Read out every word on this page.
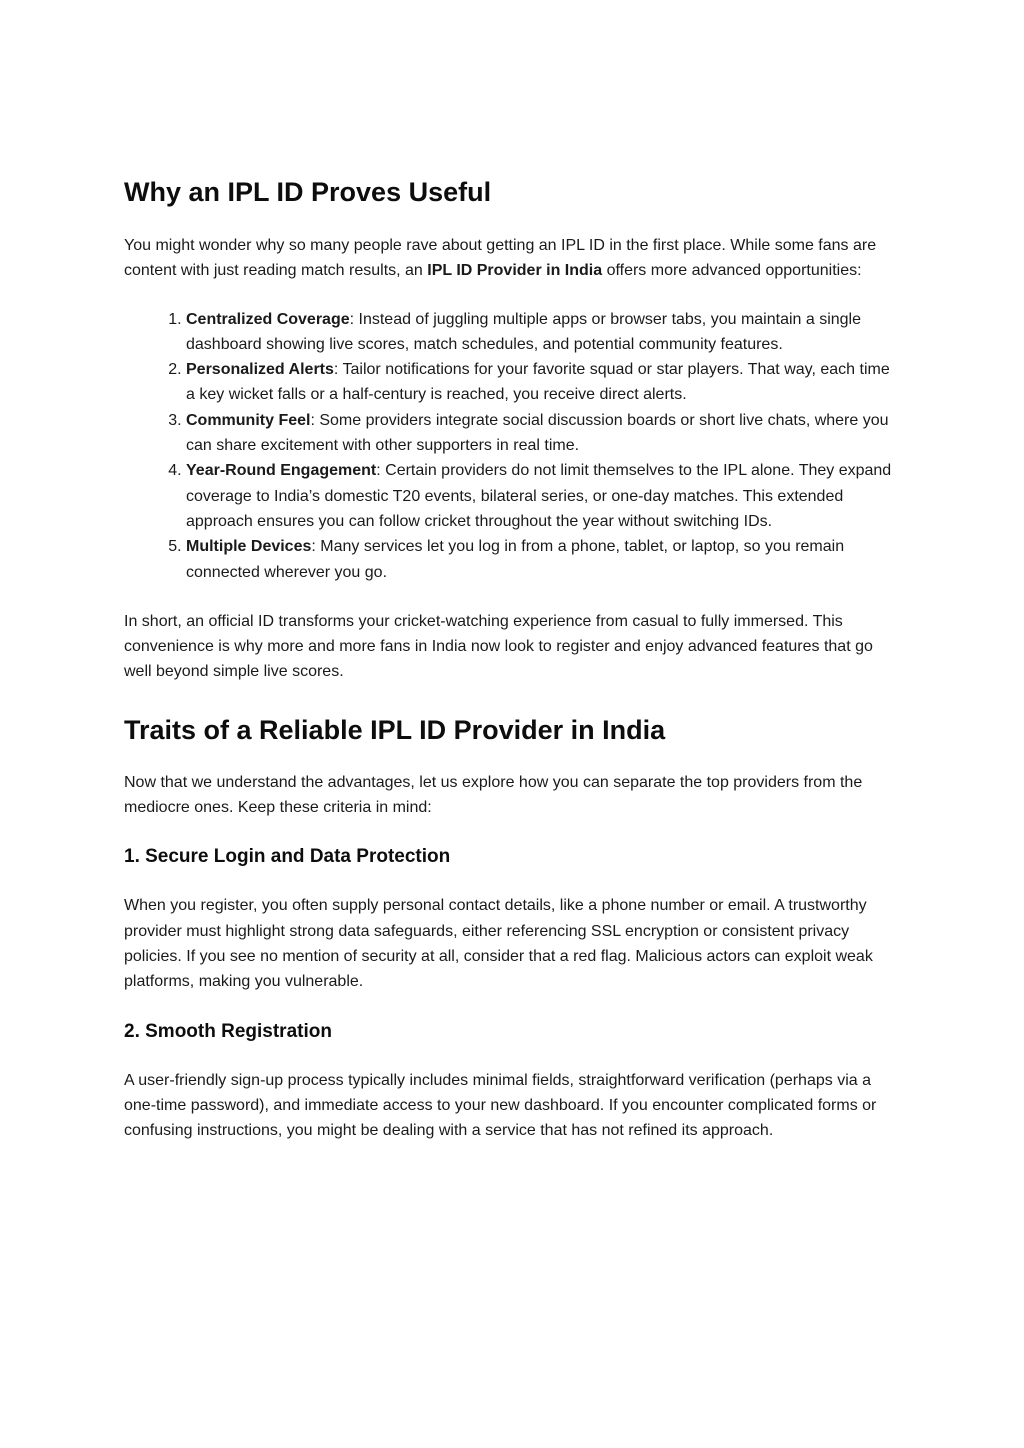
Why an IPL ID Proves Useful

You might wonder why so many people rave about getting an IPL ID in the first place. While some fans are content with just reading match results, an IPL ID Provider in India offers more advanced opportunities:

1. Centralized Coverage: Instead of juggling multiple apps or browser tabs, you maintain a single dashboard showing live scores, match schedules, and potential community features.
2. Personalized Alerts: Tailor notifications for your favorite squad or star players. That way, each time a key wicket falls or a half-century is reached, you receive direct alerts.
3. Community Feel: Some providers integrate social discussion boards or short live chats, where you can share excitement with other supporters in real time.
4. Year-Round Engagement: Certain providers do not limit themselves to the IPL alone. They expand coverage to India’s domestic T20 events, bilateral series, or one-day matches. This extended approach ensures you can follow cricket throughout the year without switching IDs.
5. Multiple Devices: Many services let you log in from a phone, tablet, or laptop, so you remain connected wherever you go.

In short, an official ID transforms your cricket-watching experience from casual to fully immersed. This convenience is why more and more fans in India now look to register and enjoy advanced features that go well beyond simple live scores.

Traits of a Reliable IPL ID Provider in India

Now that we understand the advantages, let us explore how you can separate the top providers from the mediocre ones. Keep these criteria in mind:

1. Secure Login and Data Protection

When you register, you often supply personal contact details, like a phone number or email. A trustworthy provider must highlight strong data safeguards, either referencing SSL encryption or consistent privacy policies. If you see no mention of security at all, consider that a red flag. Malicious actors can exploit weak platforms, making you vulnerable.

2. Smooth Registration

A user-friendly sign-up process typically includes minimal fields, straightforward verification (perhaps via a one-time password), and immediate access to your new dashboard. If you encounter complicated forms or confusing instructions, you might be dealing with a service that has not refined its approach.
